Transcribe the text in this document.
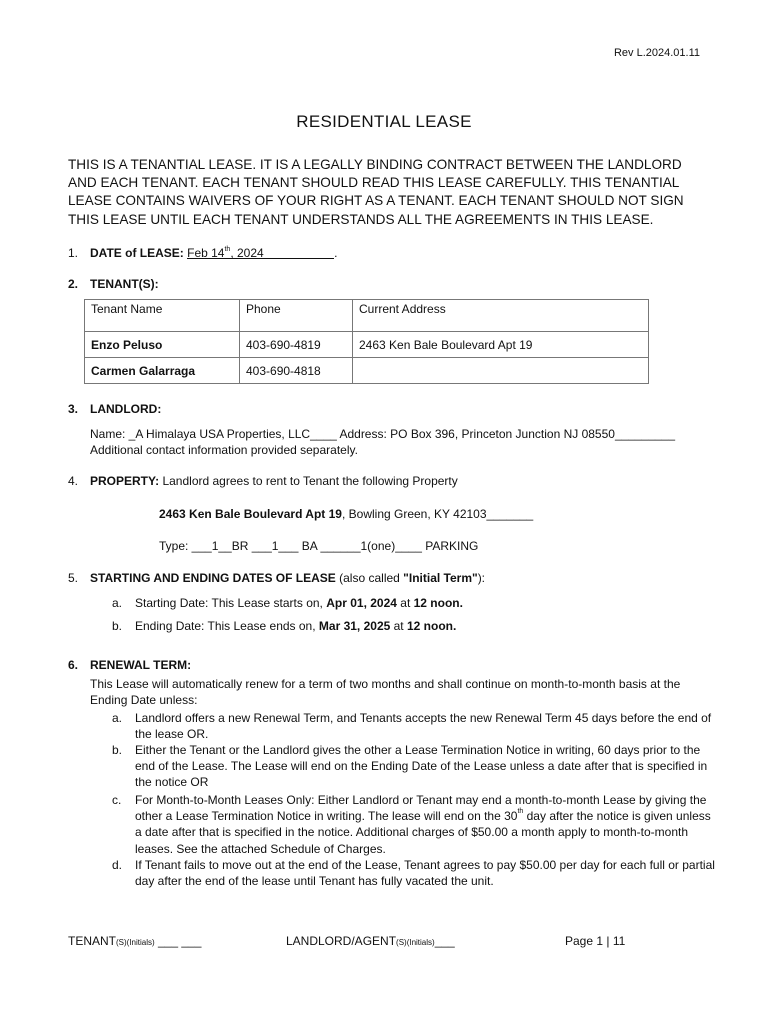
Rev L.2024.01.11
RESIDENTIAL LEASE
THIS IS A TENANTIAL LEASE. IT IS A LEGALLY BINDING CONTRACT BETWEEN THE LANDLORD AND EACH TENANT. EACH TENANT SHOULD READ THIS LEASE CAREFULLY. THIS TENANTIAL LEASE CONTAINS WAIVERS OF YOUR RIGHT AS A TENANT. EACH TENANT SHOULD NOT SIGN THIS LEASE UNTIL EACH TENANT UNDERSTANDS ALL THE AGREEMENTS IN THIS LEASE.
1. DATE of LEASE: Feb 14th, 2024	.
2. TENANT(S):
Tenant Name	Phone	Current Address
Enzo Peluso	403-690-4819	2463 Ken Bale Boulevard Apt 19
Carmen Galarraga	403-690-4818	
3. LANDLORD:
Name: _A Himalaya USA Properties, LLC____ Address: PO Box 396, Princeton Junction NJ 08550_________
Additional contact information provided separately.
4. PROPERTY: Landlord agrees to rent to Tenant the following Property
2463 Ken Bale Boulevard Apt 19, Bowling Green, KY 42103_______
Type: ___1__BR ___1___ BA ______1(one)____ PARKING
5. STARTING AND ENDING DATES OF LEASE (also called "Initial Term"):
a. Starting Date: This Lease starts on, Apr 01, 2024 at 12 noon.
b. Ending Date: This Lease ends on, Mar 31, 2025 at 12 noon.
6. RENEWAL TERM:
This Lease will automatically renew for a term of two months and shall continue on month-to-month basis at the Ending Date unless:
a. Landlord offers a new Renewal Term, and Tenants accepts the new Renewal Term 45 days before the end of the lease OR.
b. Either the Tenant or the Landlord gives the other a Lease Termination Notice in writing, 60 days prior to the end of the Lease. The Lease will end on the Ending Date of the Lease unless a date after that is specified in the notice OR
c. For Month-to-Month Leases Only: Either Landlord or Tenant may end a month-to-month Lease by giving the other a Lease Termination Notice in writing. The lease will end on the 30th day after the notice is given unless a date after that is specified in the notice. Additional charges of $50.00 a month apply to month-to-month leases. See the attached Schedule of Charges.
d. If Tenant fails to move out at the end of the Lease, Tenant agrees to pay $50.00 per day for each full or partial day after the end of the lease until Tenant has fully vacated the unit.
TENANT(S)(Initials) ___ ___	LANDLORD/AGENT(S)(Initials)___	Page 1 | 11
